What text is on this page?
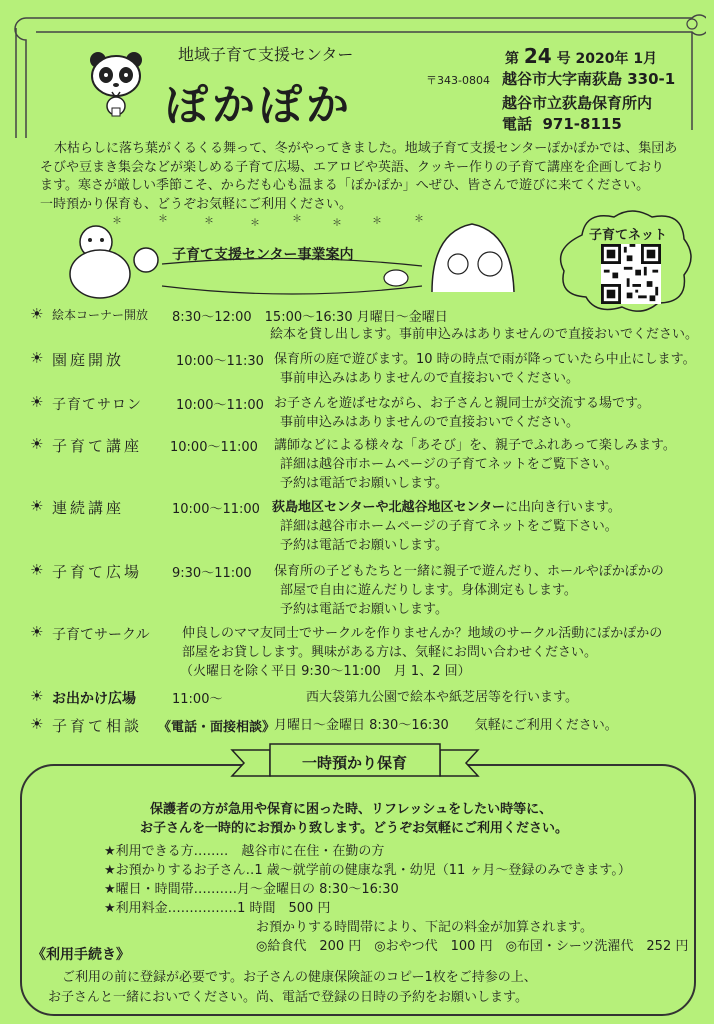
地域子育て支援センター
ぽかぽか
第 24 号 2020年 1月
〒343-0804 越谷市大字南荻島 330-1
越谷市立荻島保育所内
電話 971-8115

木枯らしに落ち葉がくるくる舞って、冬がやってきました。地域子育て支援センターぽかぽかでは、集団あ

そびや豆まき集会などが楽しめる子育て広場、エアロビや英語、クッキー作りの子育て講座を企画しており

ます。寒さが厳しい季節こそ、からだも心も温まる「ぽかぽか」へぜひ、皆さんで遊びに来てください。

一時預かり保育も、どうぞお気軽にご利用ください。

＊	＊	＊	＊	＊	＊	＊	＊
子育て支援センター事業案内
子育てネット
☀ 絵本コーナー開放 8:30～12:00　15:00～16:30 月曜日～金曜日
絵本を貸し出します。事前申込みはありませんので直接おいでください。
☀ 園庭開放	10:00～11:30 保育所の庭で遊びます。10 時の時点で雨が降っていたら中止にします。
事前申込みはありませんので直接おいでください。
☀ 子育てサロン	10:00～11:00 お子さんを遊ばせながら、お子さんと親同士が交流する場です。
事前申込みはありませんので直接おいでください。
☀ 子育て講座 10:00～11:00 講師などによる様々な「あそび」を、親子でふれあって楽しみます。
詳細は越谷市ホームページの子育てネットをご覧下さい。
予約は電話でお願いします。
☀ 連続講座	10:00～11:00 荻島地区センターや北越谷地区センターに出向き行います。
詳細は越谷市ホームページの子育てネットをご覧下さい。
予約は電話でお願いします。
☀ 子育て広場 9:30～11:00 保育所の子どもたちと一緒に親子で遊んだり、ホールやぽかぽかの
部屋で自由に遊んだりします。身体測定もします。
予約は電話でお願いします。
☀ 子育てサークル 仲良しのママ友同士でサークルを作りませんか？地域のサークル活動にぽかぽかの
部屋をお貸しします。興味がある方は、気軽にお問い合わせください。
（火曜日を除く平日 9:30～11:00　月 1、2 回）
☀ お出かけ広場	11:00～	西大袋第九公園で絵本や紙芝居等を行います。
☀ 子育て相談 《電話・面接相談》
月曜日～金曜日 8:30～16:30　　気軽にご利用ください。
一時預かり保育
保護者の方が急用や保育に困った時、リフレッシュをしたい時等に、
お子さんを一時的にお預かり致します。どうぞお気軽にご利用ください。
★利用できる方‥‥‥‥　越谷市に在住・在勤の方
★お預かりするお子さん‥1 歳～就学前の健康な乳・幼児（11 ヶ月～登録のみできます。）
★曜日・時間帯‥‥‥‥‥月～金曜日の 8:30～16:30
★利用料金‥‥‥‥‥‥‥‥1 時間　500 円
お預かりする時間帯により、下記の料金が加算されます。
◎給食代　200 円　◎おやつ代　100 円　◎布団・シーツ洗濯代　252 円
《利用手続き》
ご利用の前に登録が必要です。お子さんの健康保険証のコピー1枚をご持参の上、
お子さんと一緒においでください。尚、電話で登録の日時の予約をお願いします。
